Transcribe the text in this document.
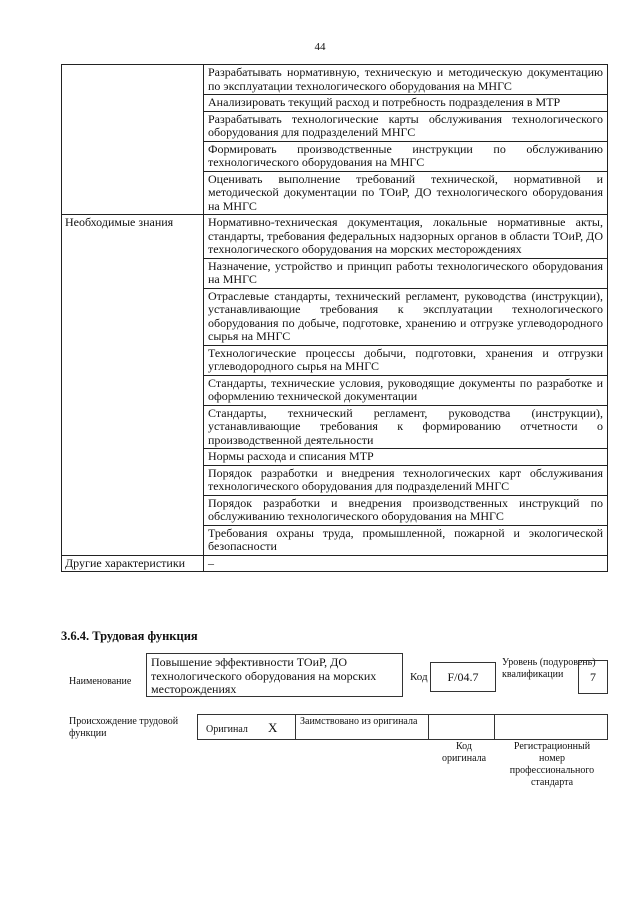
44
	Разрабатывать нормативную, техническую и методическую документацию по эксплуатации технологического оборудования на МНГС
	Анализировать текущий расход и потребность подразделения в МТР
	Разрабатывать технологические карты обслуживания технологического оборудования для подразделений МНГС
	Формировать производственные инструкции по обслуживанию технологического оборудования на МНГС
	Оценивать выполнение требований технической, нормативной и методической документации по ТОиР, ДО технологического оборудования на МНГС
Необходимые знания	Нормативно-техническая документация, локальные нормативные акты, стандарты, требования федеральных надзорных органов в области ТОиР, ДО технологического оборудования на морских месторождениях
	Назначение, устройство и принцип работы технологического оборудования на МНГС
	Отраслевые стандарты, технический регламент, руководства (инструкции), устанавливающие требования к эксплуатации технологического оборудования по добыче, подготовке, хранению и отгрузке углеводородного сырья на МНГС
	Технологические процессы добычи, подготовки, хранения и отгрузки углеводородного сырья на МНГС
	Стандарты, технические условия, руководящие документы по разработке и оформлению технической документации
	Стандарты, технический регламент, руководства (инструкции), устанавливающие требования к формированию отчетности о производственной деятельности
	Нормы расхода и списания МТР
	Порядок разработки и внедрения технологических карт обслуживания технологического оборудования для подразделений МНГС
	Порядок разработки и внедрения производственных инструкций по обслуживанию технологического оборудования на МНГС
	Требования охраны труда, промышленной, пожарной и экологической безопасности
Другие характеристики	–
3.6.4. Трудовая функция
Наименование
Повышение эффективности ТОиР, ДО технологического оборудования на морских месторождениях
Код	F/04.7
Уровень (подуровень) квалификации	7
Происхождение трудовой функции	Оригинал X Заимствовано из оригинала
Код оригинала
Регистрационный номер профессионального стандарта
